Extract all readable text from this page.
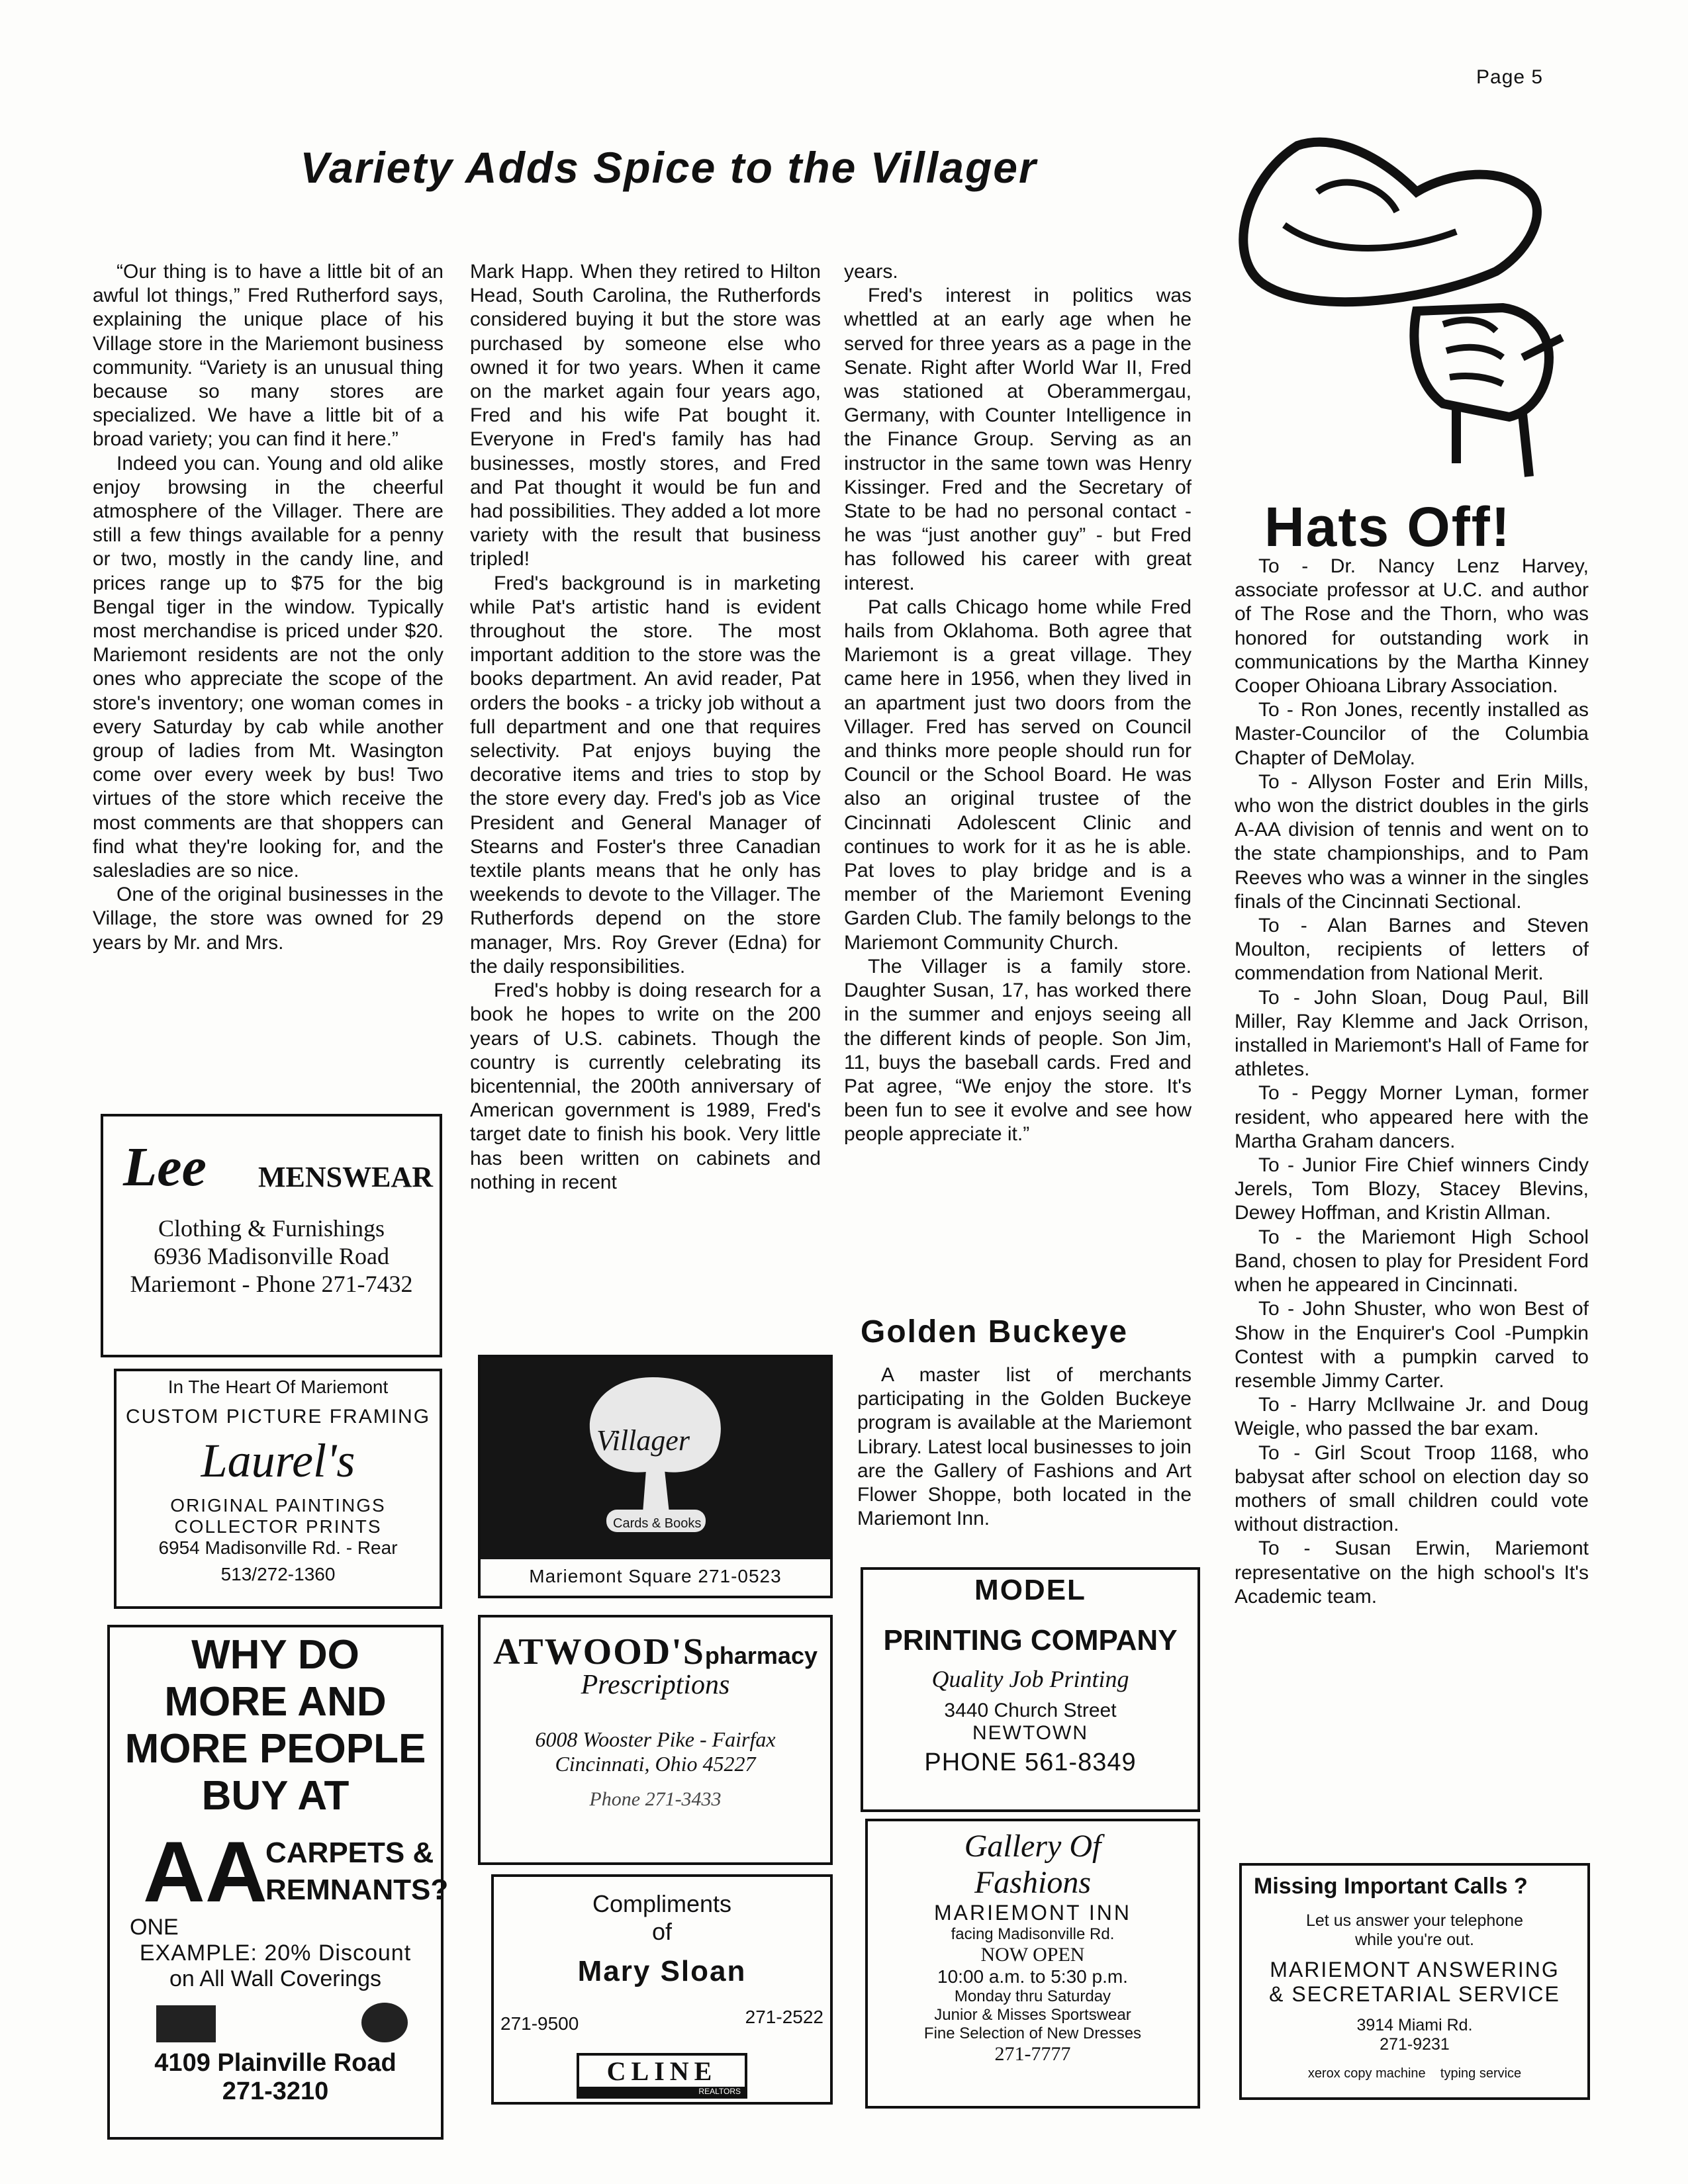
Page 5
Variety Adds Spice to the Villager

“Our thing is to have a little bit of an awful lot things,” Fred Rutherford says, explaining the unique place of his Village store in the Mariemont business community. “Variety is an unusual thing because so many stores are specialized. We have a little bit of a broad variety; you can find it here.”

Indeed you can. Young and old alike enjoy browsing in the cheerful atmosphere of the Villager. There are still a few things available for a penny or two, mostly in the candy line, and prices range up to $75 for the big Bengal tiger in the window. Typically most merchandise is priced under $20. Mariemont residents are not the only ones who appreciate the scope of the store's inventory; one woman comes in every Saturday by cab while another group of ladies from Mt. Wasington come over every week by bus! Two virtues of the store which receive the most comments are that shoppers can find what they're looking for, and the salesladies are so nice.

One of the original businesses in the Village, the store was owned for 29 years by Mr. and Mrs.

Mark Happ. When they retired to Hilton Head, South Carolina, the Rutherfords considered buying it but the store was purchased by someone else who owned it for two years. When it came on the market again four years ago, Fred and his wife Pat bought it. Everyone in Fred's family has had businesses, mostly stores, and Fred and Pat thought it would be fun and had possibilities. They added a lot more variety with the result that business tripled!

Fred's background is in marketing while Pat's artistic hand is evident throughout the store. The most important addition to the store was the books department. An avid reader, Pat orders the books - a tricky job without a full department and one that requires selectivity. Pat enjoys buying the decorative items and tries to stop by the store every day. Fred's job as Vice President and General Manager of Stearns and Foster's three Canadian textile plants means that he only has weekends to devote to the Villager. The Rutherfords depend on the store manager, Mrs. Roy Grever (Edna) for the daily responsibilities.

Fred's hobby is doing research for a book he hopes to write on the 200 years of U.S. cabinets. Though the country is currently celebrating its bicentennial, the 200th anniversary of American government is 1989, Fred's target date to finish his book. Very little has been written on cabinets and nothing in recent

years.

Fred's interest in politics was whettled at an early age when he served for three years as a page in the Senate. Right after World War II, Fred was stationed at Oberammergau, Germany, with Counter Intelligence in the Finance Group. Serving as an instructor in the same town was Henry Kissinger. Fred and the Secretary of State to be had no personal contact - he was “just another guy” - but Fred has followed his career with great interest.

Pat calls Chicago home while Fred hails from Oklahoma. Both agree that Mariemont is a great village. They came here in 1956, when they lived in an apartment just two doors from the Villager. Fred has served on Council and thinks more people should run for Council or the School Board. He was also an original trustee of the Cincinnati Adolescent Clinic and continues to work for it as he is able. Pat loves to play bridge and is a member of the Mariemont Evening Garden Club. The family belongs to the Mariemont Community Church.

The Villager is a family store. Daughter Susan, 17, has worked there in the summer and enjoys seeing all the different kinds of people. Son Jim, 11, buys the baseball cards. Fred and Pat agree, “We enjoy the store. It's been fun to see it evolve and see how people appreciate it.”

Golden Buckeye

A master list of merchants participating in the Golden Buckeye program is available at the Mariemont Library. Latest local businesses to join are the Gallery of Fashions and Art Flower Shoppe, both located in the Mariemont Inn.

Hats Off!

To - Dr. Nancy Lenz Harvey, associate professor at U.C. and author of The Rose and the Thorn, who was honored for outstanding work in communications by the Martha Kinney Cooper Ohioana Library Association.

To - Ron Jones, recently installed as Master-Councilor of the Columbia Chapter of DeMolay.

To - Allyson Foster and Erin Mills, who won the district doubles in the girls A-AA division of tennis and went on to the state championships, and to Pam Reeves who was a winner in the singles finals of the Cincinnati Sectional.

To - Alan Barnes and Steven Moulton, recipients of letters of commendation from National Merit.

To - John Sloan, Doug Paul, Bill Miller, Ray Klemme and Jack Orrison, installed in Mariemont's Hall of Fame for athletes.

To - Peggy Morner Lyman, former resident, who appeared here with the Martha Graham dancers.

To - Junior Fire Chief winners Cindy Jerels, Tom Blozy, Stacey Blevins, Dewey Hoffman, and Kristin Allman.

To - the Mariemont High School Band, chosen to play for President Ford when he appeared in Cincinnati.

To - John Shuster, who won Best of Show in the Enquirer's Cool -Pumpkin Contest with a pumpkin carved to resemble Jimmy Carter.

To - Harry McIlwaine Jr. and Doug Weigle, who passed the bar exam.

To - Girl Scout Troop 1168, who babysat after school on election day so mothers of small children could vote without distraction.

To - Susan Erwin, Mariemont representative on the high school's It's Academic team.

Lee MENSWEAR
Clothing & Furnishings
6936 Madisonville Road
Mariemont - Phone 271-7432
In The Heart Of Mariemont
CUSTOM PICTURE FRAMING
Laurel's
ORIGINAL PAINTINGS
COLLECTOR PRINTS
6954 Madisonville Rd. - Rear
513/272-1360
WHY DO
MORE AND
MORE PEOPLE
BUY AT
AA
CARPETS &
REMNANTS?
ONE
EXAMPLE: 20% Discount
on All Wall Coverings
4109 Plainville Road
271-3210
Villager
Cards & Books
Mariemont Square 271-0523
ATWOOD'Spharmacy
Prescriptions
6008 Wooster Pike - Fairfax
Cincinnati, Ohio 45227
Phone 271-3433
Compliments
of
Mary Sloan
271-9500	271-2522
CLINE
REALTORS
MODEL
PRINTING COMPANY
Quality Job Printing
3440 Church Street
NEWTOWN
PHONE 561-8349
Gallery Of
Fashions
MARIEMONT INN
facing Madisonville Rd.
NOW OPEN
10:00 a.m. to 5:30 p.m.
Monday thru Saturday
Junior & Misses Sportswear
Fine Selection of New Dresses
271-7777
Missing Important Calls ?
Let us answer your telephone
while you're out.
MARIEMONT ANSWERING
& SECRETARIAL SERVICE
3914 Miami Rd.
271-9231
xerox copy machine    typing service
